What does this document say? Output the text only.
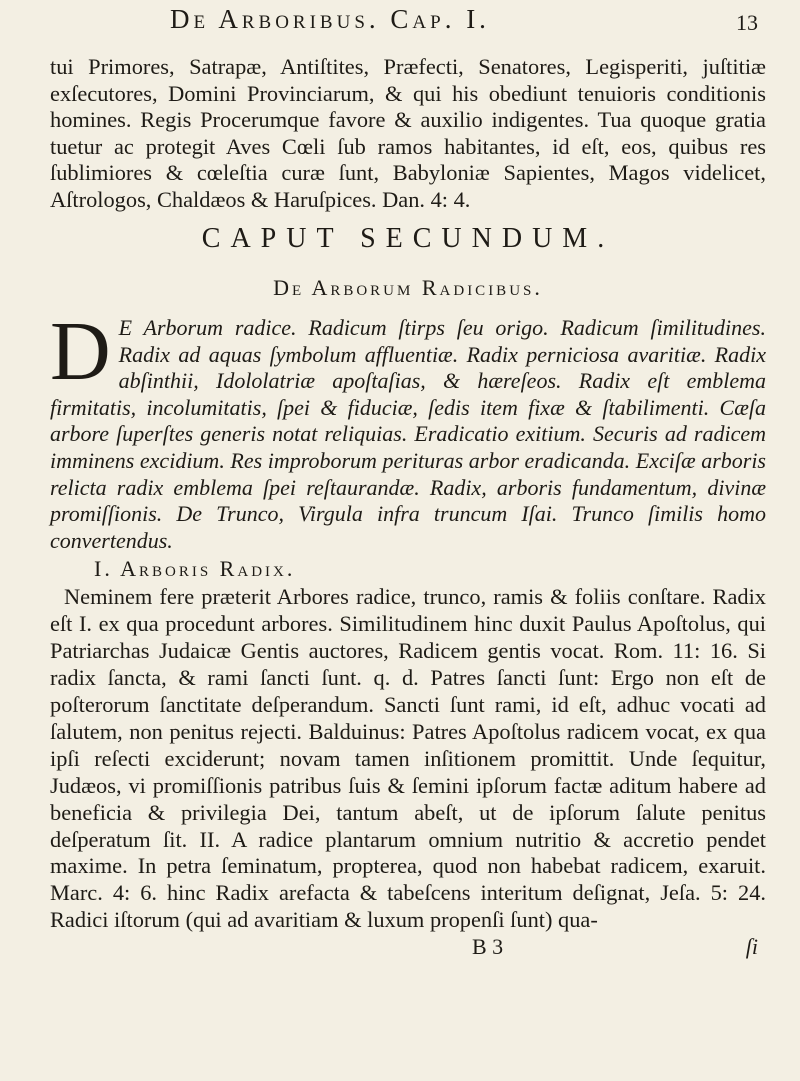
De Arboribus. Cap. I.	13

tui Primores, Satrapæ, Antiſtites, Præfecti, Senatores, Legisperiti, juſtitiæ exſecutores, Domini Provinciarum, & qui his obediunt tenuioris conditionis homines. Regis Procerumque favore & auxilio indigentes. Tua quoque gratia tuetur ac protegit Aves Cœli ſub ramos habitantes, id eſt, eos, quibus res ſublimiores & cœleſtia curæ ſunt, Babyloniæ Sapientes, Magos videlicet, Aſtrologos, Chaldæos & Haruſpices. Dan. 4: 4.

CAPUT SECUNDUM.
De Arborum Radicibus.
D E Arborum radice. Radicum ſtirps ſeu origo. Radicum ſimilitudines. Radix ad aquas ſymbolum affluentiæ. Radix perniciosa avaritiæ. Radix abſinthii, Idololatriæ apoſtaſias, & hæreſeos. Radix eſt emblema firmitatis, incolumitatis, ſpei & fiduciæ, ſedis item fixæ & ſtabilimenti. Cæſa arbore ſuperſtes generis notat reliquias. Eradicatio exitium. Securis ad radicem imminens excidium. Res improborum perituras arbor eradicanda. Exciſæ arboris relicta radix emblema ſpei reſtaurandæ. Radix, arboris fundamentum, divinæ promiſſionis. De Trunco, Virgula infra truncum Iſai. Trunco ſimilis homo convertendus.
I. Arboris Radix.

Neminem fere præterit Arbores radice, trunco, ramis & foliis conſtare. Radix eſt I. ex qua procedunt arbores. Similitudinem hinc duxit Paulus Apoſtolus, qui Patriarchas Judaicæ Gentis auctores, Radicem gentis vocat. Rom. 11: 16. Si radix ſancta, & rami ſancti ſunt. q. d. Patres ſancti ſunt: Ergo non eſt de poſterorum ſanctitate deſperandum. Sancti ſunt rami, id eſt, adhuc vocati ad ſalutem, non penitus rejecti. Balduinus: Patres Apoſtolus radicem vocat, ex qua ipſi reſecti exciderunt; novam tamen inſitionem promittit. Unde ſequitur, Judæos, vi promiſſionis patribus ſuis & ſemini ipſorum factæ aditum habere ad beneficia & privilegia Dei, tantum abeſt, ut de ipſorum ſalute penitus deſperatum ſit. II. A radice plantarum omnium nutritio & accretio pendet maxime. In petra ſeminatum, propterea, quod non habebat radicem, exaruit. Marc. 4: 6. hinc Radix arefacta & tabeſcens interitum deſignat, Jeſa. 5: 24. Radici iſtorum (qui ad avaritiam & luxum propenſi ſunt) qua-

B 3	ſi
